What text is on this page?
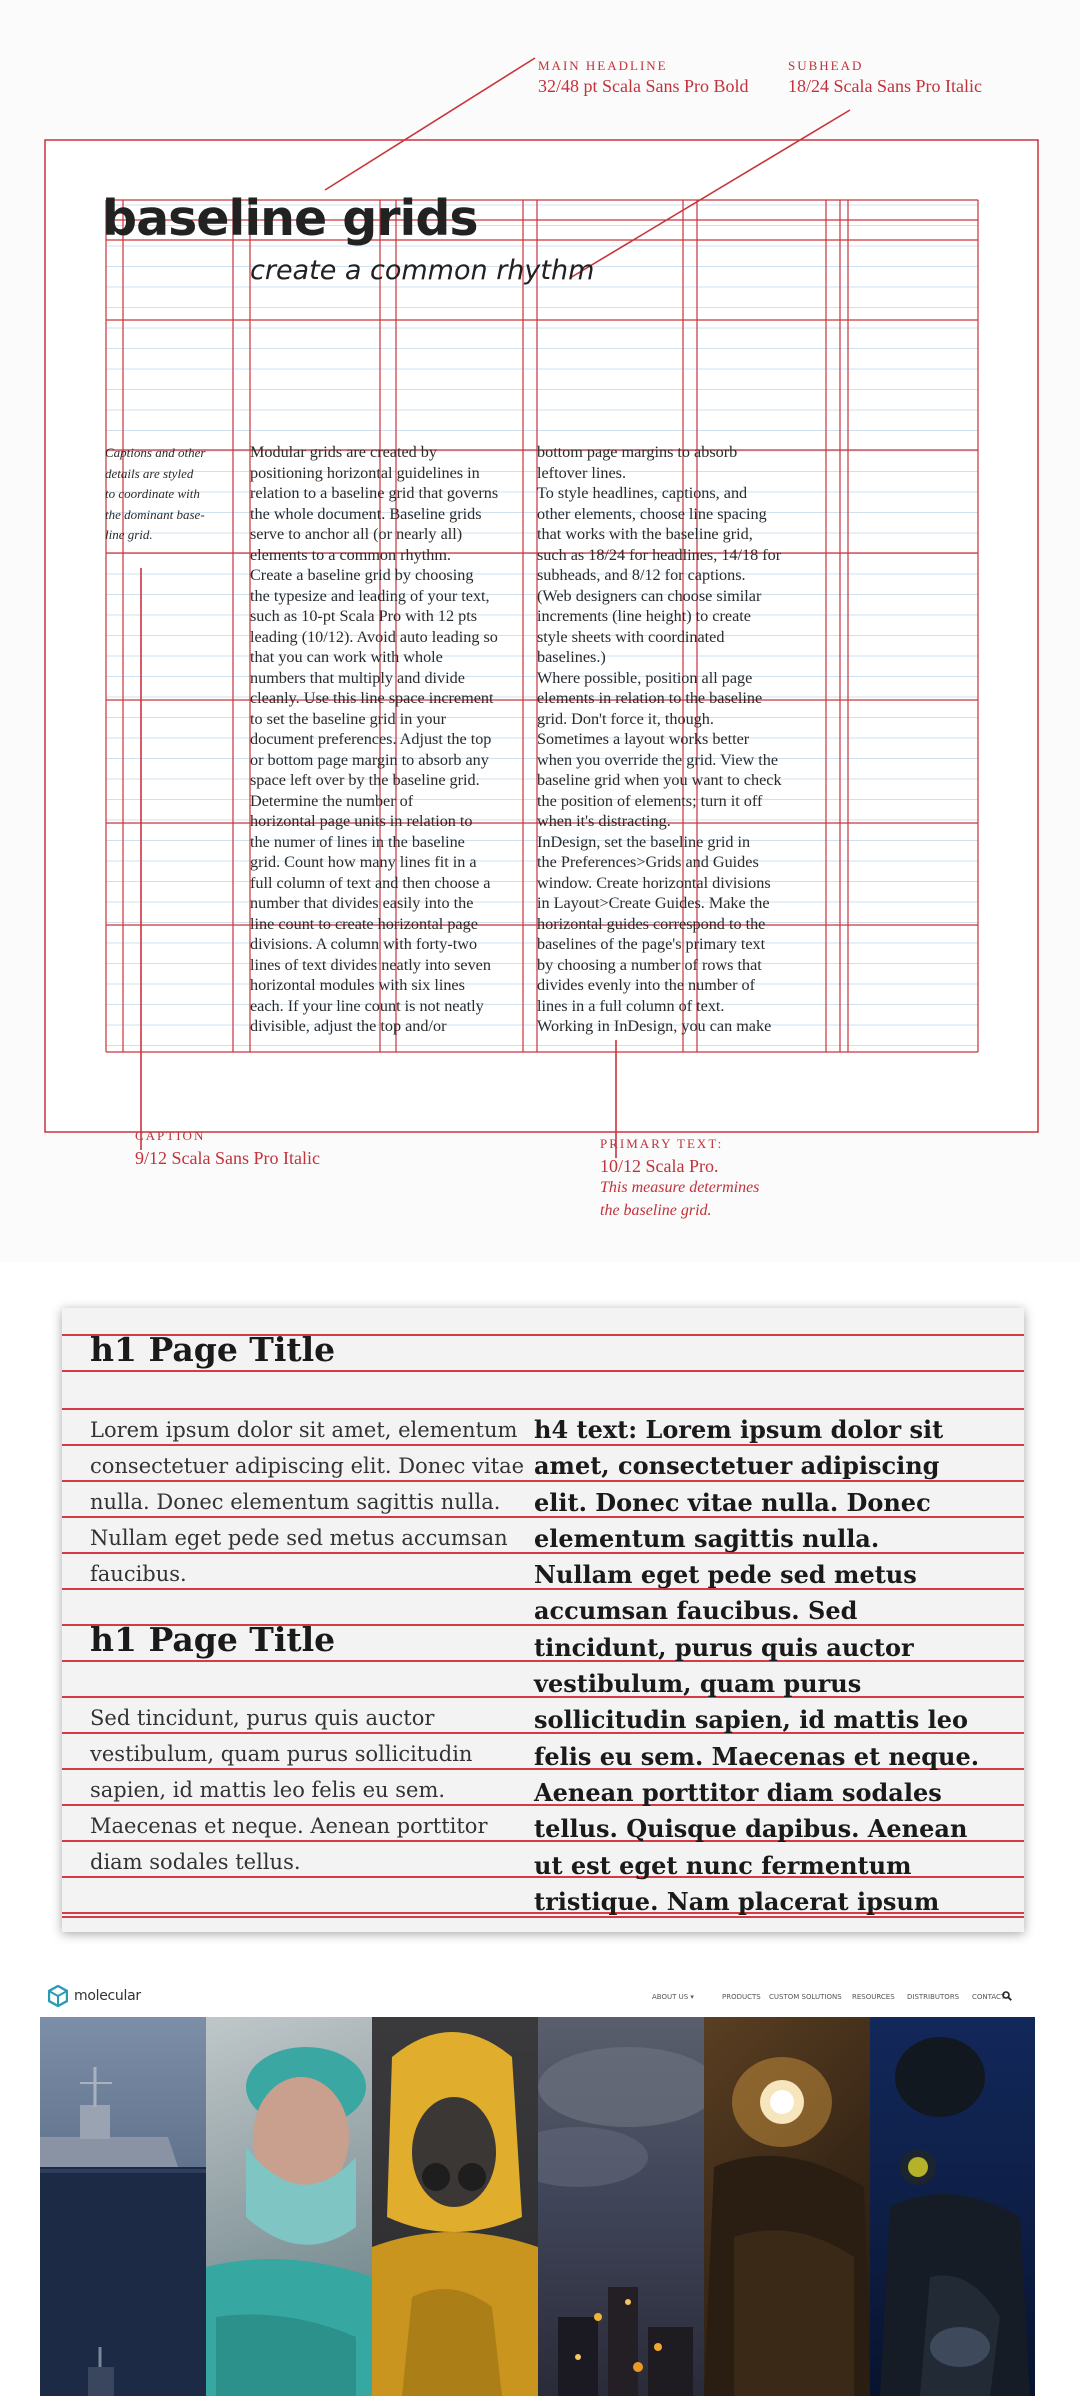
MAIN HEADLINE
32/48 pt Scala Sans Pro Bold
SUBHEAD
18/24 Scala Sans Pro Italic
baseline grids
create a common rhythm
Captions and other
details are styled
to coordinate with
the dominant base-
line grid.
Modular grids are created by
positioning horizontal guidelines in
relation to a baseline grid that governs
the whole document. Baseline grids
serve to anchor all (or nearly all)
elements to a common rhythm.
Create a baseline grid by choosing
the typesize and leading of your text,
such as 10-pt Scala Pro with 12 pts
leading (10/12). Avoid auto leading so
that you can work with whole
numbers that multiply and divide
cleanly. Use this line space increment
to set the baseline grid in your
document preferences. Adjust the top
or bottom page margin to absorb any
space left over by the baseline grid.
Determine the number of
horizontal page units in relation to
the numer of lines in the baseline
grid. Count how many lines fit in a
full column of text and then choose a
number that divides easily into the
line count to create horizontal page
divisions. A column with forty-two
lines of text divides neatly into seven
horizontal modules with six lines
each. If your line count is not neatly
divisible, adjust the top and/or
bottom page margins to absorb
leftover lines.
To style headlines, captions, and
other elements, choose line spacing
that works with the baseline grid,
such as 18/24 for headlines, 14/18 for
subheads, and 8/12 for captions.
(Web designers can choose similar
increments (line height) to create
style sheets with coordinated
baselines.)
Where possible, position all page
elements in relation to the baseline
grid. Don't force it, though.
Sometimes a layout works better
when you override the grid. View the
baseline grid when you want to check
the position of elements; turn it off
when it's distracting.
InDesign, set the baseline grid in
the Preferences>Grids and Guides
window. Create horizontal divisions
in Layout>Create Guides. Make the
horizontal guides correspond to the
baselines of the page's primary text
by choosing a number of rows that
divides evenly into the number of
lines in a full column of text.
Working in InDesign, you can make
CAPTION
9/12 Scala Sans Pro Italic
PRIMARY TEXT:
10/12 Scala Pro.
This measure determines
the baseline grid.
h1 Page Title
Lorem ipsum dolor sit amet, elementum
consectetuer adipiscing elit. Donec vitae
nulla. Donec elementum sagittis nulla.
Nullam eget pede sed metus accumsan
faucibus.
h1 Page Title
Sed tincidunt, purus quis auctor
vestibulum, quam purus sollicitudin
sapien, id mattis leo felis eu sem.
Maecenas et neque. Aenean porttitor
diam sodales tellus.
h4 text: Lorem ipsum dolor sit
amet, consectetuer adipiscing
elit. Donec vitae nulla. Donec
elementum sagittis nulla.
Nullam eget pede sed metus
accumsan faucibus. Sed
tincidunt, purus quis auctor
vestibulum, quam purus
sollicitudin sapien, id mattis leo
felis eu sem. Maecenas et neque.
Aenean porttitor diam sodales
tellus. Quisque dapibus. Aenean
ut est eget nunc fermentum
tristique. Nam placerat ipsum
molecular	ABOUT US ▾	PRODUCTS CUSTOM SOLUTIONS RESOURCES DISTRIBUTORS CONTACT
